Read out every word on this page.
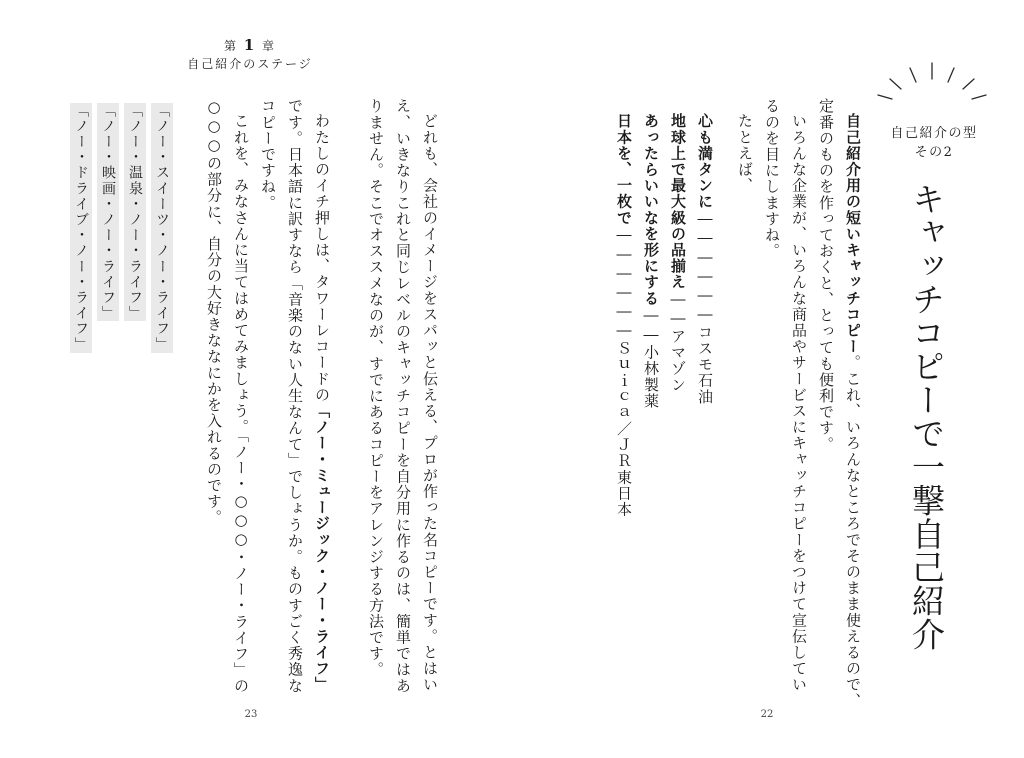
第 1 章
自己紹介のステージ
自己紹介の型
その2
キャッチコピーで一撃自己紹介
自己紹介用の短いキャッチコピー。これ、いろんなところでそのまま使えるので、
定番のものを作っておくと、とっても便利です。
いろんな企業が、いろんな商品やサービスにキャッチコピーをつけて宣伝してい
るのを目にしますね。
たとえば、
心も満タンに――――――コスモ石油
地球上で最大級の品揃え――アマゾン
あったらいいなを形にする――小林製薬
日本を、一枚で――――――Ｓｕｉｃａ／ＪＲ東日本
どれも、会社のイメージをスパッと伝える、プロが作った名コピーです。とはい
え、いきなりこれと同じレベルのキャッチコピーを自分用に作るのは、簡単ではあ
りません。そこでオススメなのが、すでにあるコピーをアレンジする方法です。
わたしのイチ押しは、タワーレコードの「ノー・ミュージック・ノー・ライフ」
です。日本語に訳すなら「音楽のない人生なんて」でしょうか。ものすごく秀逸な
コピーですね。
これを、みなさんに当てはめてみましょう。「ノー・○○○・ノー・ライフ」の
○○○の部分に、自分の大好きななにかを入れるのです。
「ノー・スイーツ・ノー・ライフ」
「ノー・温泉・ノー・ライフ」
「ノー・映画・ノー・ライフ」
「ノー・ドライブ・ノー・ライフ」
23	22
